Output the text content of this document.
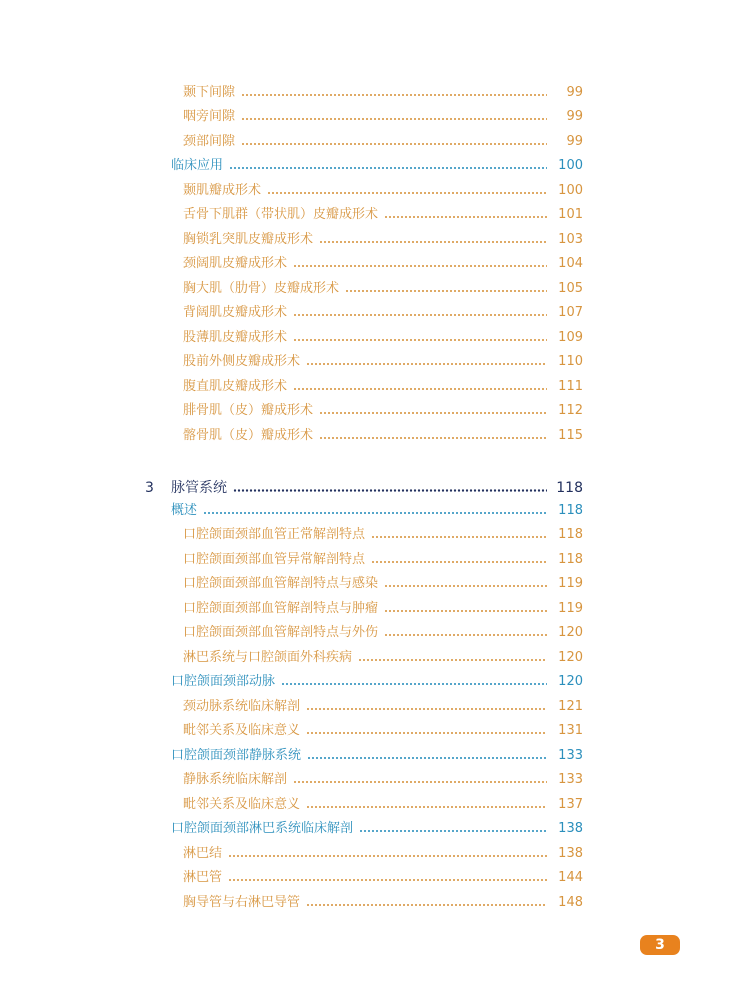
颞下间隙	99
咽旁间隙	99
颈部间隙	99
临床应用	100
颞肌瓣成形术	100
舌骨下肌群（带状肌）皮瓣成形术	101
胸锁乳突肌皮瓣成形术	103
颈阔肌皮瓣成形术	104
胸大肌（肋骨）皮瓣成形术	105
背阔肌皮瓣成形术	107
股薄肌皮瓣成形术	109
股前外侧皮瓣成形术	110
腹直肌皮瓣成形术	111
腓骨肌（皮）瓣成形术	112
髂骨肌（皮）瓣成形术	115
3	脉管系统	118
概述	118
口腔颌面颈部血管正常解剖特点	118
口腔颌面颈部血管异常解剖特点	118
口腔颌面颈部血管解剖特点与感染	119
口腔颌面颈部血管解剖特点与肿瘤	119
口腔颌面颈部血管解剖特点与外伤	120
淋巴系统与口腔颌面外科疾病	120
口腔颌面颈部动脉	120
颈动脉系统临床解剖	121
毗邻关系及临床意义	131
口腔颌面颈部静脉系统	133
静脉系统临床解剖	133
毗邻关系及临床意义	137
口腔颌面颈部淋巴系统临床解剖	138
淋巴结	138
淋巴管	144
胸导管与右淋巴导管	148
3
